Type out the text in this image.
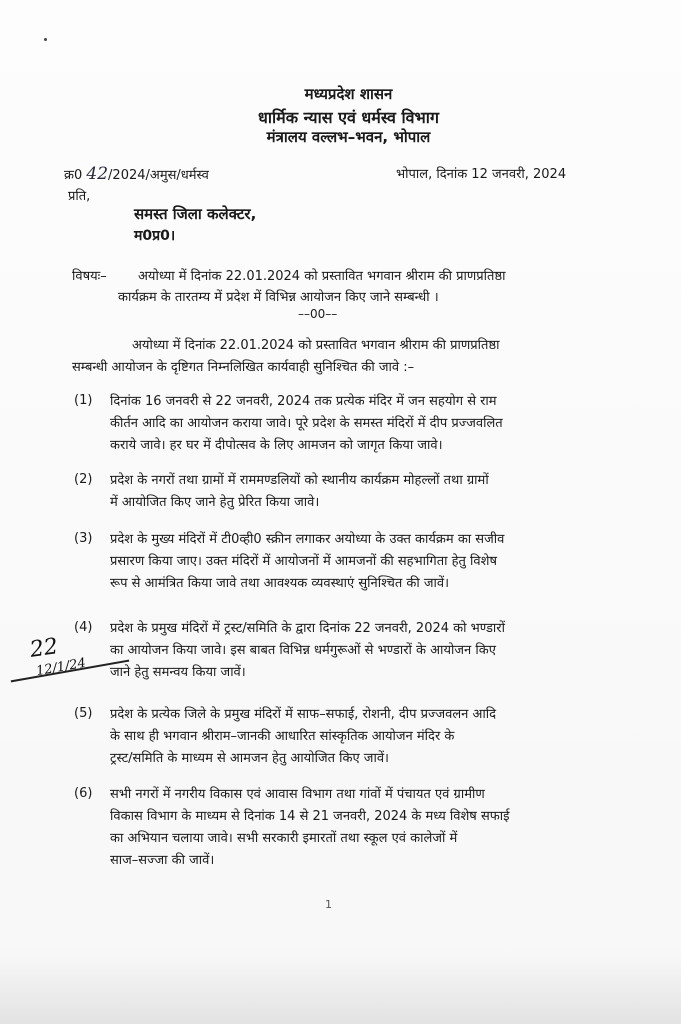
मध्यप्रदेश शासन
धार्मिक न्यास एवं धर्मस्व विभाग
मंत्रालय वल्लभ–भवन, भोपाल
क्र0 42/2024/अमुस/धर्मस्व	भोपाल, दिनांक 12 जनवरी, 2024
प्रति,
समस्त जिला कलेक्टर,
म0प्र0।
विषयः– अयोध्या में दिनांक 22.01.2024 को प्रस्तावित भगवान श्रीराम की प्राणप्रतिष्ठा
कार्यक्रम के तारतम्य में प्रदेश में विभिन्न आयोजन किए जाने सम्बन्धी ।
––00––
अयोध्या में दिनांक 22.01.2024 को प्रस्तावित भगवान श्रीराम की प्राणप्रतिष्ठा
सम्बन्धी आयोजन के दृष्टिगत निम्नलिखित कार्यवाही सुनिश्चित की जावे :–
(1) दिनांक 16 जनवरी से 22 जनवरी, 2024 तक प्रत्येक मंदिर में जन सहयोग से राम
कीर्तन आदि का आयोजन कराया जावे। पूरे प्रदेश के समस्त मंदिरों में दीप प्रज्जवलित
कराये जावे। हर घर में दीपोत्सव के लिए आमजन को जागृत किया जावे।
(2) प्रदेश के नगरों तथा ग्रामों में राममण्डलियों को स्थानीय कार्यक्रम मोहल्लों तथा ग्रामों
में आयोजित किए जाने हेतु प्रेरित किया जावे।
(3) प्रदेश के मुख्य मंदिरों में टी0व्ही0 स्क्रीन लगाकर अयोध्या के उक्त कार्यक्रम का सजीव
प्रसारण किया जाए। उक्त मंदिरों में आयोजनों में आमजनों की सहभागिता हेतु विशेष
रूप से आमंत्रित किया जावे तथा आवश्यक व्यवस्थाएं सुनिश्चित की जावें।
(4) प्रदेश के प्रमुख मंदिरों में ट्रस्ट/समिति के द्वारा दिनांक 22 जनवरी, 2024 को भण्डारों
का आयोजन किया जावे। इस बाबत विभिन्न धर्मगुरूओं से भण्डारों के आयोजन किए
जाने हेतु समन्वय किया जावें।
22
12/1/24
(5) प्रदेश के प्रत्येक जिले के प्रमुख मंदिरों में साफ–सफाई, रोशनी, दीप प्रज्जवलन आदि
के साथ ही भगवान श्रीराम–जानकी आधारित सांस्कृतिक आयोजन मंदिर के
ट्रस्ट/समिति के माध्यम से आमजन हेतु आयोजित किए जावें।
(6) सभी नगरों में नगरीय विकास एवं आवास विभाग तथा गांवों में पंचायत एवं ग्रामीण
विकास विभाग के माध्यम से दिनांक 14 से 21 जनवरी, 2024 के मध्य विशेष सफाई
का अभियान चलाया जावे। सभी सरकारी इमारतों तथा स्कूल एवं कालेजों में
साज–सज्जा की जावें।
1
